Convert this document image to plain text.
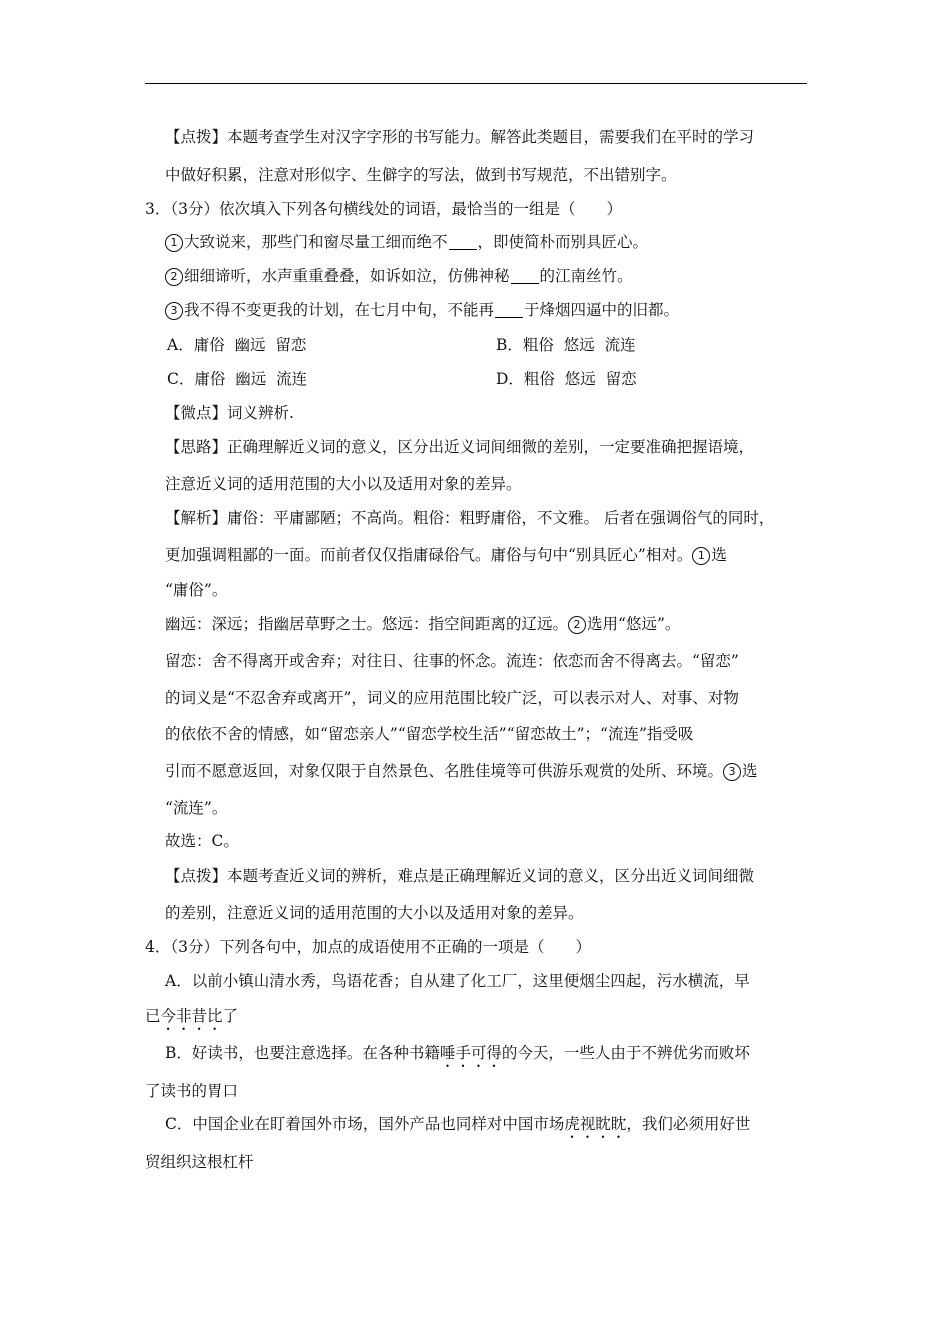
【点拨】本题考查学生对汉字字形的书写能力。解答此类题目，需要我们在平时的学习
中做好积累，注意对形似字、生僻字的写法，做到书写规范，不出错别字。
3．（3分）依次填入下列各句横线处的词语，最恰当的一组是（　　）
1 大致说来，那些门和窗尽量工细而绝不 ，即使简朴而别具匠心。
2 细细谛听，水声重重叠叠，如诉如泣，仿佛神秘 的江南丝竹。
3 我不得不变更我的计划，在七月中旬，不能再 于烽烟四逼中的旧都。
A．庸俗  幽远  留恋	B．粗俗  悠远  流连
C．庸俗  幽远  流连	D．粗俗  悠远  留恋
【微点】词义辨析.
【思路】正确理解近义词的意义，区分出近义词间细微的差别，一定要准确把握语境，
注意近义词的适用范围的大小以及适用对象的差异。
【解析】庸俗：平庸鄙陋；不高尚。粗俗：粗野庸俗，不文雅。 后者在强调俗气的同时，
更加强调粗鄙的一面。而前者仅仅指庸碌俗气。庸俗与句中“别具匠心”相对。 1 选
“庸俗”。
幽远：深远；指幽居草野之士。悠远：指空间距离的辽远。 2 选用“悠远”。
留恋：舍不得离开或舍弃；对往日、往事的怀念。流连：依恋而舍不得离去。“留恋”
的词义是“不忍舍弃或离开”，词义的应用范围比较广泛，可以表示对人、对事、对物
的依依不舍的情感，如“留恋亲人”“留恋学校生活”“留恋故土”；“流连”指受吸
引而不愿意返回，对象仅限于自然景色、名胜佳境等可供游乐观赏的处所、环境。 3 选
“流连”。
故选：C。
【点拨】本题考查近义词的辨析，难点是正确理解近义词的意义，区分出近义词间细微
的差别，注意近义词的适用范围的大小以及适用对象的差异。
4．（3分）下列各句中，加点的成语使用不正确的一项是（　　）
A．以前小镇山清水秀，鸟语花香；自从建了化工厂，这里便烟尘四起，污水横流，早
已今非昔比了
B．好读书，也要注意选择。在各种书籍唾手可得的今天，一些人由于不辨优劣而败坏
了读书的胃口
C．中国企业在盯着国外市场，国外产品也同样对中国市场虎视眈眈，我们必须用好世
贸组织这根杠杆
